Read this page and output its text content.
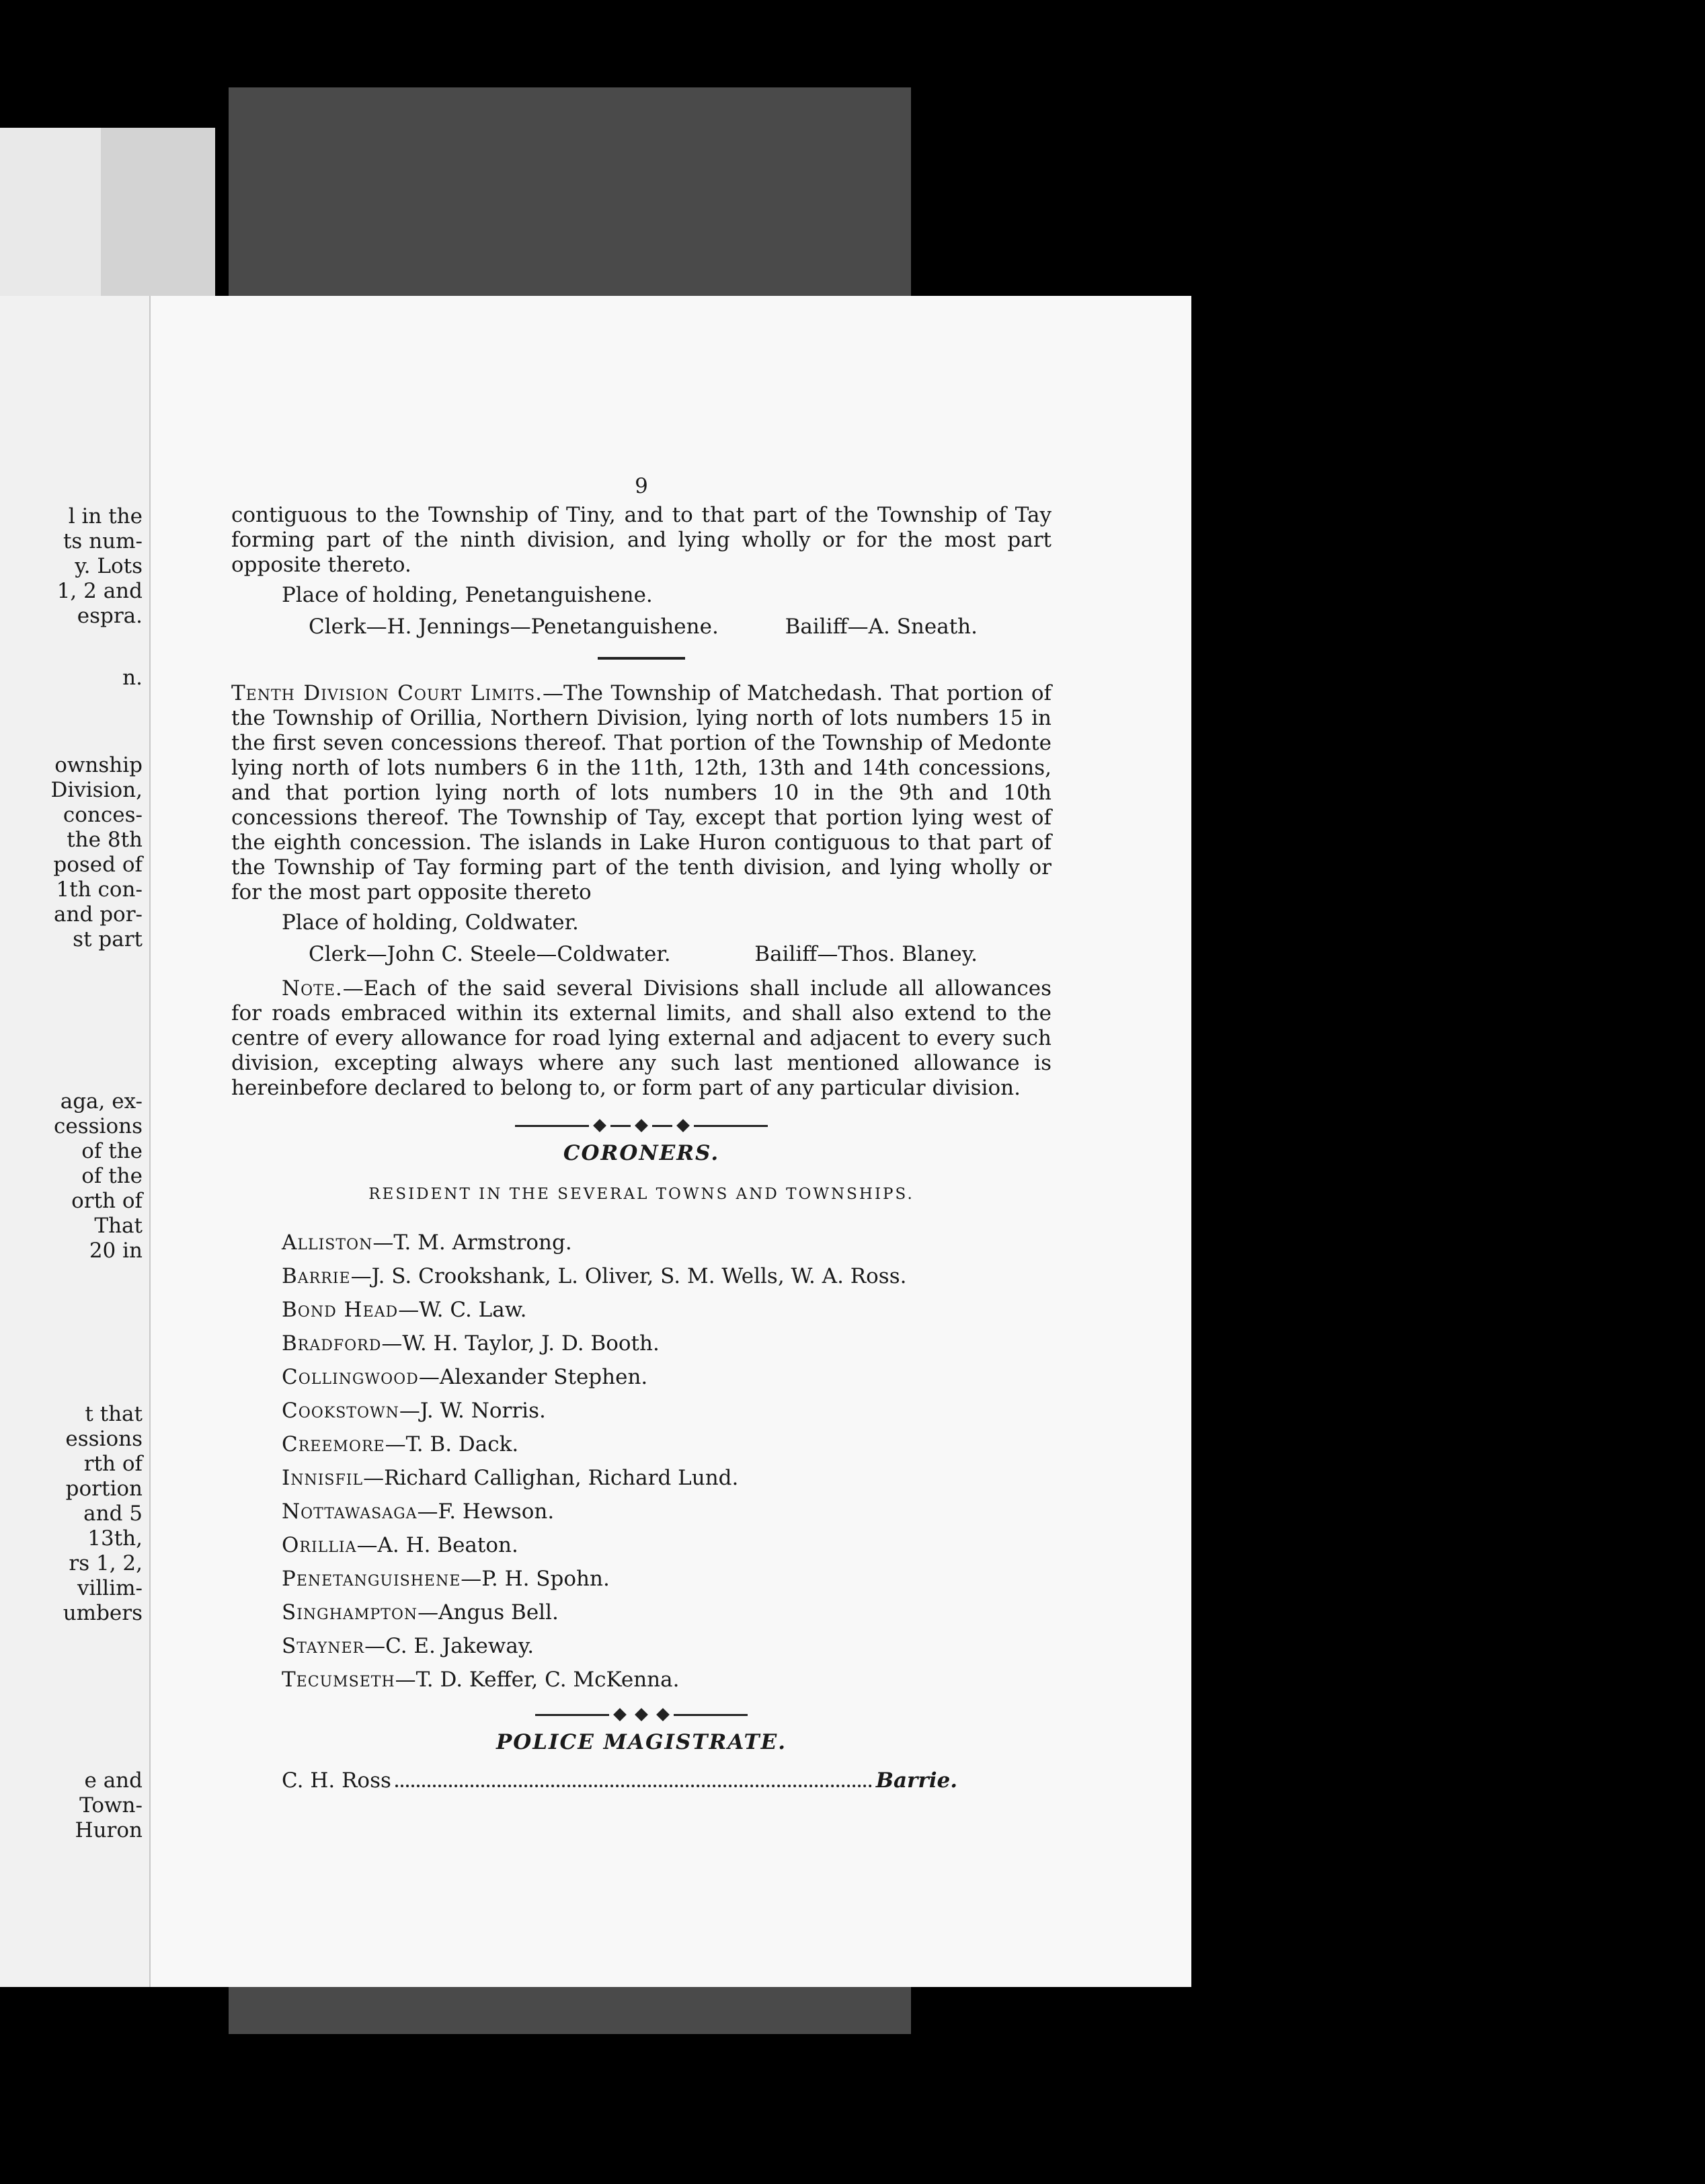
l in the
ts num-
y. Lots
1, 2 and
espra.
n.
ownship
Division,
conces-
the 8th
posed of
1th con-
and por-
st part
aga, ex-
cessions
of the
of the
orth of
That
20 in
t that
essions
rth of
portion
and 5
13th,
rs 1, 2,
villim-
umbers
e and
Town-
Huron
9

contiguous to the Township of Tiny, and to that part of the Township of Tay forming part of the ninth division, and lying wholly or for the most part opposite thereto.

Place of holding, Penetanguishene.

Clerk—H. Jennings—Penetanguishene.	Bailiff—A. Sneath.

Tenth Division Court Limits.—The Township of Matchedash. That portion of the Township of Orillia, Northern Division, lying north of lots numbers 15 in the first seven concessions thereof. That portion of the Township of Medonte lying north of lots numbers 6 in the 11th, 12th, 13th and 14th concessions, and that portion lying north of lots numbers 10 in the 9th and 10th concessions thereof. The Township of Tay, except that portion lying west of the eighth concession. The islands in Lake Huron contiguous to that part of the Township of Tay forming part of the tenth division, and lying wholly or for the most part opposite thereto

Place of holding, Coldwater.

Clerk—John C. Steele—Coldwater.	Bailiff—Thos. Blaney.

Note.—Each of the said several Divisions shall include all allowances for roads embraced within its external limits, and shall also extend to the centre of every allowance for road lying external and adjacent to every such division, excepting always where any such last mentioned allowance is hereinbefore declared to belong to, or form part of any particular division.

CORONERS.
RESIDENT IN THE SEVERAL TOWNS AND TOWNSHIPS.
Alliston—T. M. Armstrong.
Barrie—J. S. Crookshank, L. Oliver, S. M. Wells, W. A. Ross.
Bond Head—W. C. Law.
Bradford—W. H. Taylor, J. D. Booth.
Collingwood—Alexander Stephen.
Cookstown—J. W. Norris.
Creemore—T. B. Dack.
Innisfil—Richard Callighan, Richard Lund.
Nottawasaga—F. Hewson.
Orillia—A. H. Beaton.
Penetanguishene—P. H. Spohn.
Singhampton—Angus Bell.
Stayner—C. E. Jakeway.
Tecumseth—T. D. Keffer, C. McKenna.
POLICE MAGISTRATE.
C. H. Ross	Barrie.
